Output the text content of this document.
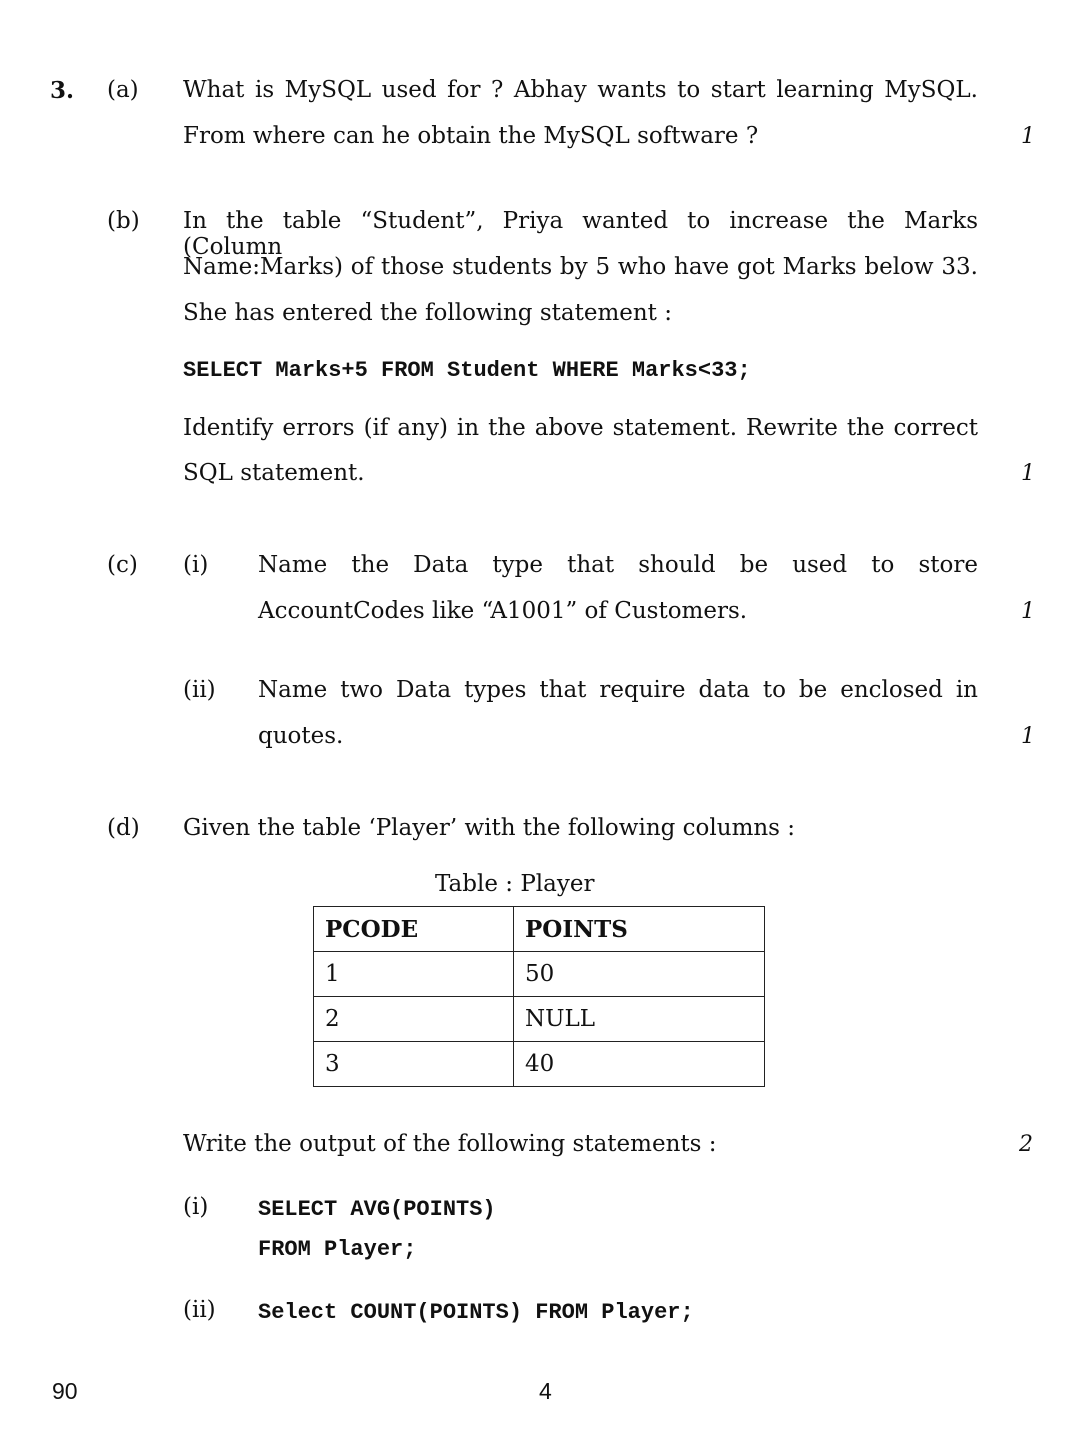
3. (a) What is MySQL used for ? Abhay wants to start learning MySQL.
From where can he obtain the MySQL software ?	1
(b) In the table “Student”, Priya wanted to increase the Marks (Column
Name:Marks) of those students by 5 who have got Marks below 33.
She has entered the following statement :
SELECT Marks+5 FROM Student WHERE Marks<33;
Identify errors (if any) in the above statement. Rewrite the correct
SQL statement.	1
(c) (i) Name the Data type that should be used to store
AccountCodes like “A1001” of Customers.	1
(ii) Name two Data types that require data to be enclosed in
quotes.	1
(d) Given the table ‘Player’ with the following columns :
Table : Player
PCODE	POINTS
1	50
2	NULL
3	40
Write the output of the following statements :	2
(i) SELECT AVG(POINTS)
FROM Player;
(ii) Select COUNT(POINTS) FROM Player;
90	4
